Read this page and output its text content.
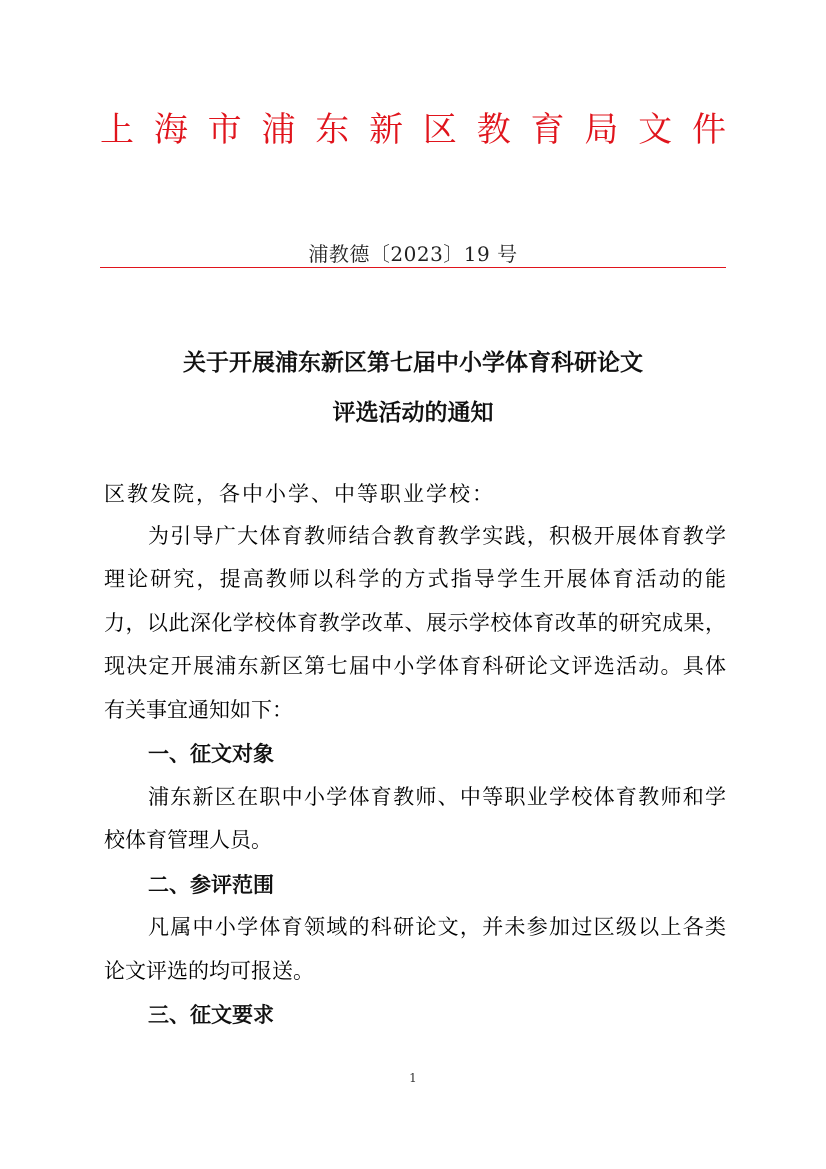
上 海 市 浦 东 新 区 教 育 局 文 件
浦教德〔2023〕19 号
关于开展浦东新区第七届中小学体育科研论文
评选活动的通知
区教发院，各中小学、中等职业学校：
为引导广大体育教师结合教育教学实践，积极开展体育教学
理论研究，提高教师以科学的方式指导学生开展体育活动的能
力，以此深化学校体育教学改革、展示学校体育改革的研究成果，
现决定开展浦东新区第七届中小学体育科研论文评选活动。具体
有关事宜通知如下：
一、征文对象
浦东新区在职中小学体育教师、中等职业学校体育教师和学
校体育管理人员。
二、参评范围
凡属中小学体育领域的科研论文，并未参加过区级以上各类
论文评选的均可报送。
三、征文要求
1
